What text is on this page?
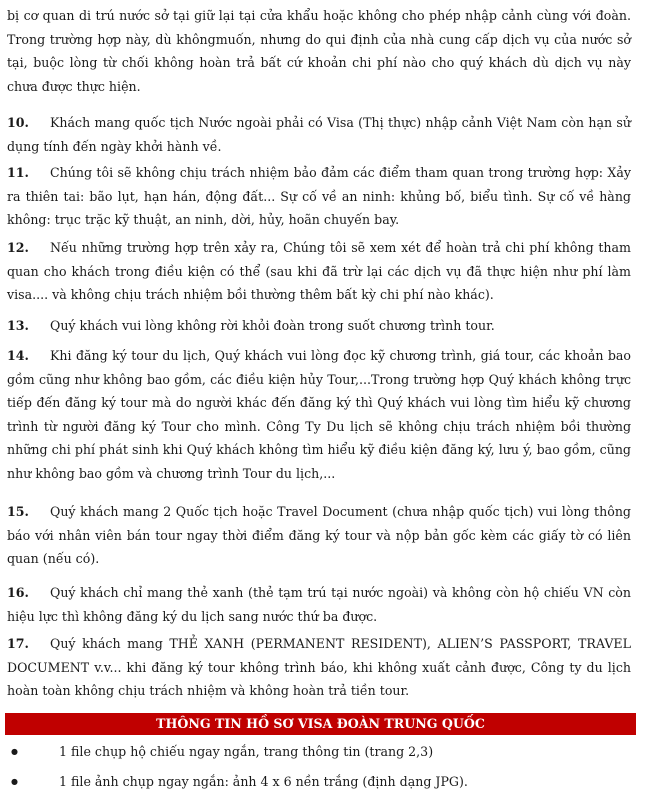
bị cơ quan di trú nước sở tại giữ lại tại cửa khẩu hoặc không cho phép nhập cảnh cùng với đoàn. Trong trường hợp này, dù khôngmuốn, nhưng do qui định của nhà cung cấp dịch vụ của nước sở tại, buộc lòng từ chối không hoàn trả bất cứ khoản chi phí nào cho quý khách dù dịch vụ này chưa được thực hiện.

10. Khách mang quốc tịch Nước ngoài phải có Visa (Thị thực) nhập cảnh Việt Nam còn hạn sử dụng tính đến ngày khởi hành về.

11. Chúng tôi sẽ không chịu trách nhiệm bảo đảm các điểm tham quan trong trường hợp: Xảy ra thiên tai: bão lụt, hạn hán, động đất... Sự cố về an ninh: khủng bố, biểu tình. Sự cố về hàng không: trục trặc kỹ thuật, an ninh, dời, hủy, hoãn chuyến bay.

12. Nếu những trường hợp trên xảy ra, Chúng tôi sẽ xem xét để hoàn trả chi phí không tham quan cho khách trong điều kiện có thể (sau khi đã trừ lại các dịch vụ đã thực hiện như phí làm visa.... và không chịu trách nhiệm bồi thường thêm bất kỳ chi phí nào khác).

13. Quý khách vui lòng không rời khỏi đoàn trong suốt chương trình tour.

14. Khi đăng ký tour du lịch, Quý khách vui lòng đọc kỹ chương trình, giá tour, các khoản bao gồm cũng như không bao gồm, các điều kiện hủy Tour,...Trong trường hợp Quý khách không trực tiếp đến đăng ký tour mà do người khác đến đăng ký thì Quý khách vui lòng tìm hiểu kỹ chương trình từ người đăng ký Tour cho mình. Công Ty Du lịch sẽ không chịu trách nhiệm bồi thường những chi phí phát sinh khi Quý khách không tìm hiểu kỹ điều kiện đăng ký, lưu ý, bao gồm, cũng như không bao gồm và chương trình Tour du lịch,...

15. Quý khách mang 2 Quốc tịch hoặc Travel Document (chưa nhập quốc tịch) vui lòng thông báo với nhân viên bán tour ngay thời điểm đăng ký tour và nộp bản gốc kèm các giấy tờ có liên quan (nếu có).

16. Quý khách chỉ mang thẻ xanh (thẻ tạm trú tại nước ngoài) và không còn hộ chiếu VN còn hiệu lực thì không đăng ký du lịch sang nước thứ ba được.

17. Quý khách mang THẺ XANH (PERMANENT RESIDENT), ALIEN’S PASSPORT, TRAVEL DOCUMENT v.v... khi đăng ký tour không trình báo, khi không xuất cảnh được, Công ty du lịch hoàn toàn không chịu trách nhiệm và không hoàn trả tiền tour.

THÔNG TIN HỒ SƠ VISA ĐOÀN TRUNG QUỐC

●1 file chụp hộ chiếu ngay ngắn, trang thông tin (trang 2,3)

●1 file ảnh chụp ngay ngắn: ảnh 4 x 6 nền trắng (định dạng JPG).
